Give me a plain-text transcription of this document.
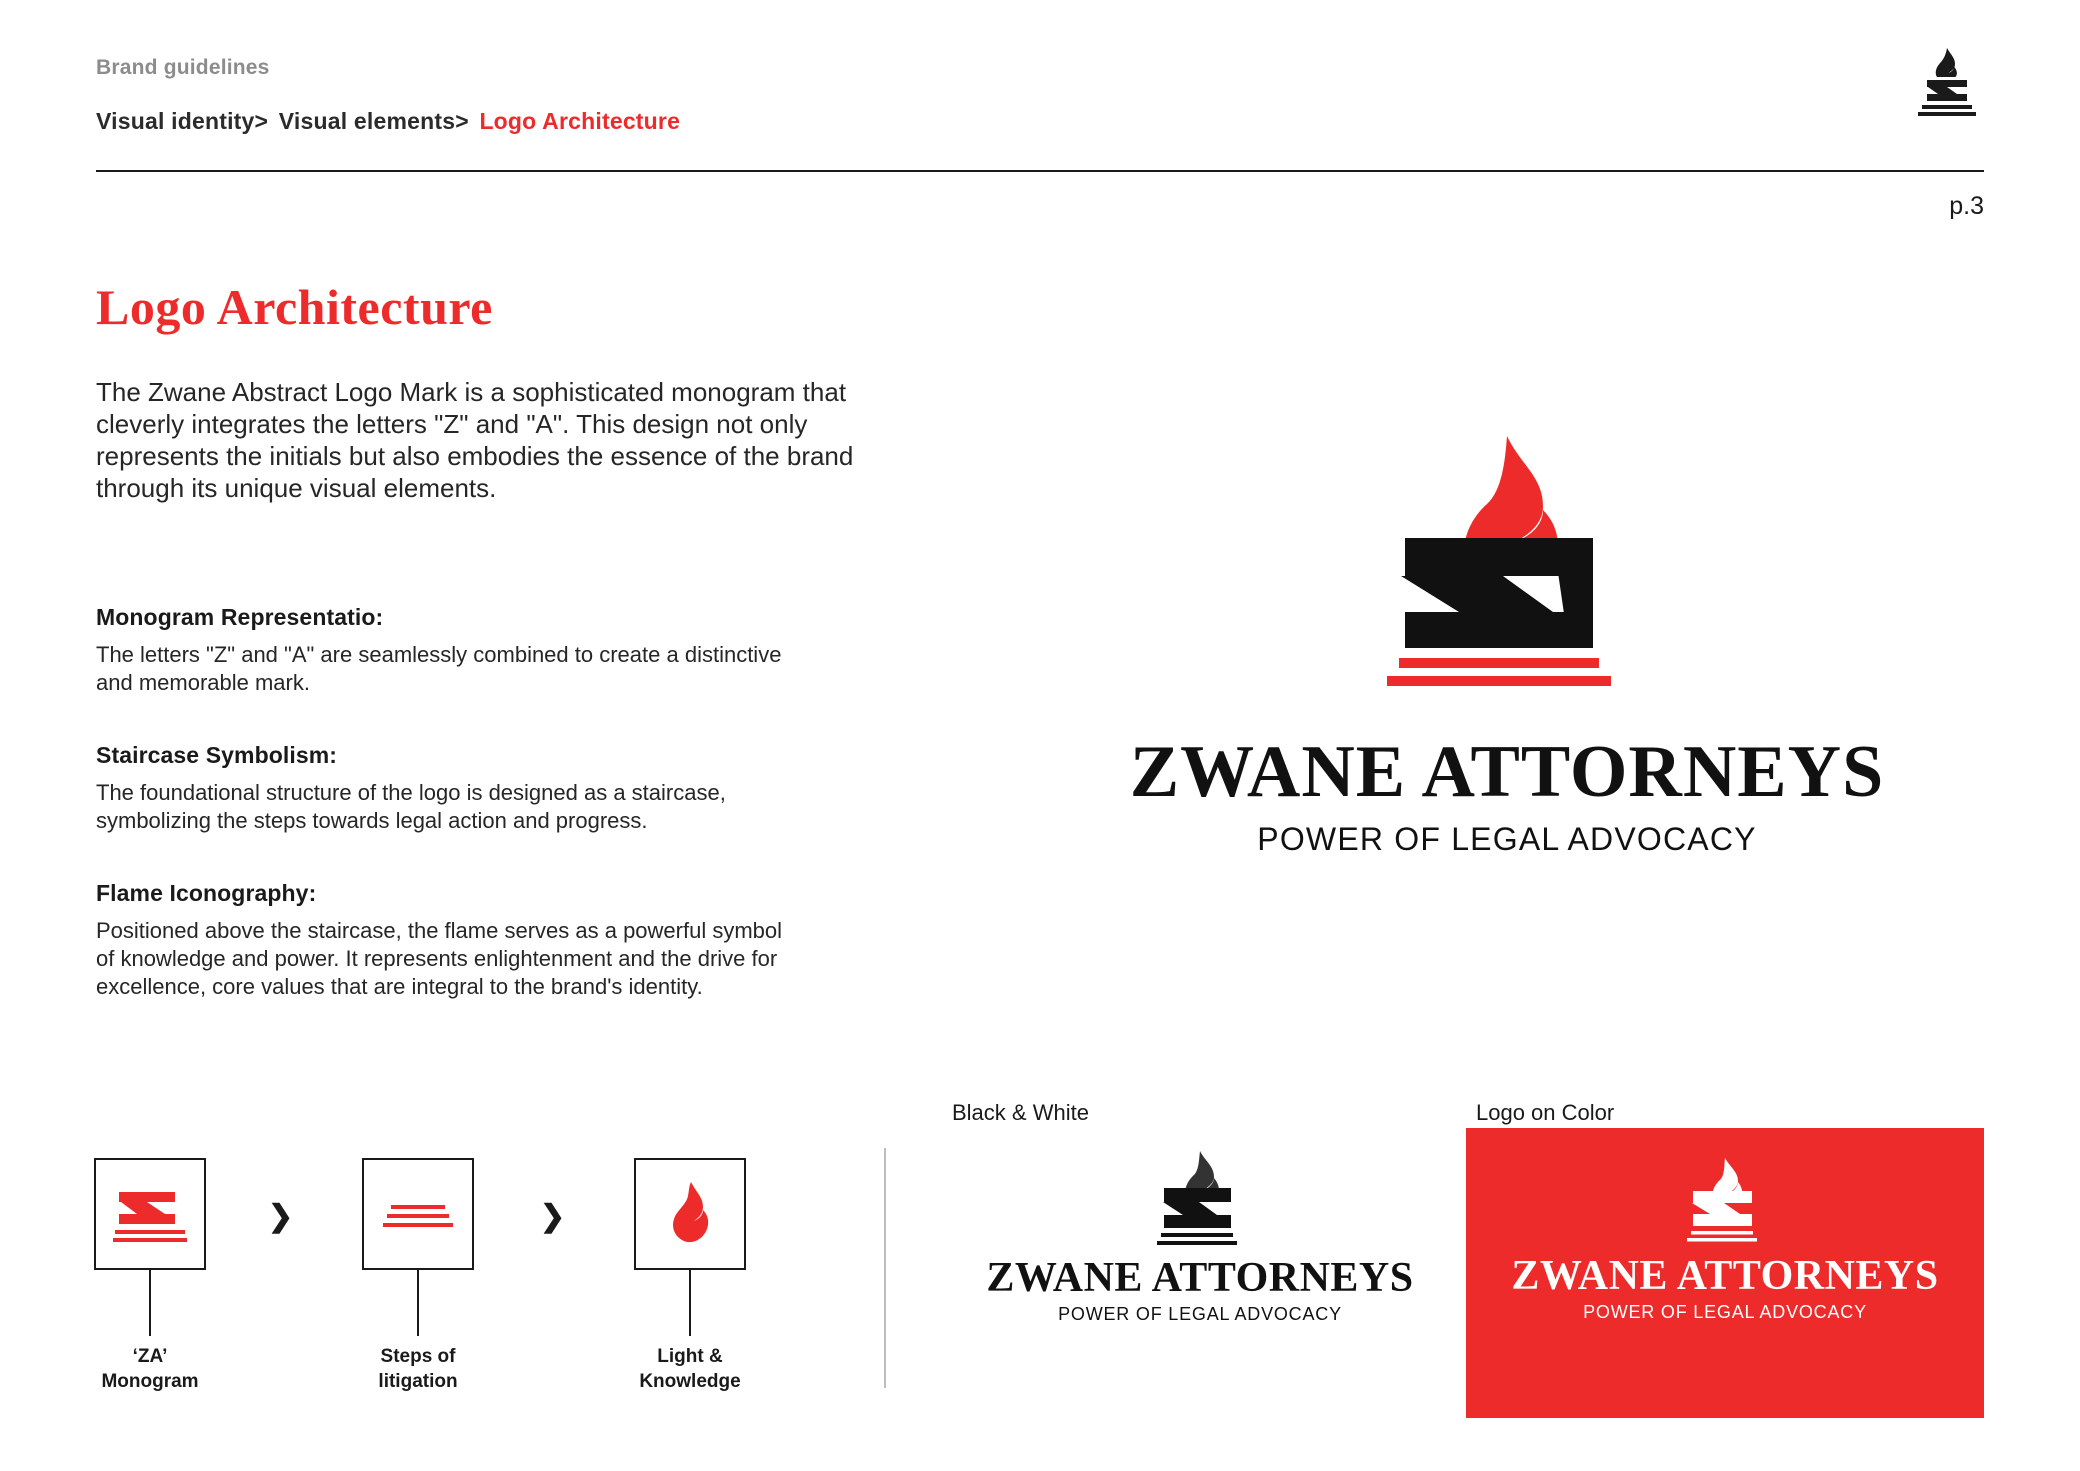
Brand guidelines
Visual identity> Visual elements> Logo Architecture
p.3
Logo Architecture
The Zwane Abstract Logo Mark is a sophisticated monogram that cleverly integrates the letters "Z" and "A". This design not only represents the initials but also embodies the essence of the brand through its unique visual elements.
Monogram Representatio:

The letters "Z" and "A" are seamlessly combined to create a distinctive and memorable mark.

Staircase Symbolism:

The foundational structure of the logo is designed as a staircase, symbolizing the steps towards legal action and progress.

Flame Iconography:

Positioned above the staircase, the flame serves as a powerful symbol of knowledge and power. It represents enlightenment and the drive for excellence, core values that are integral to the brand's identity.

❯	❯
‘ZA’
Monogram
Steps of
litigation
Light &
Knowledge
ZWANE ATTORNEYS
POWER OF LEGAL ADVOCACY
Black & White	Logo on Color
ZWANE ATTORNEYS
POWER OF LEGAL ADVOCACY
ZWANE ATTORNEYS
POWER OF LEGAL ADVOCACY
